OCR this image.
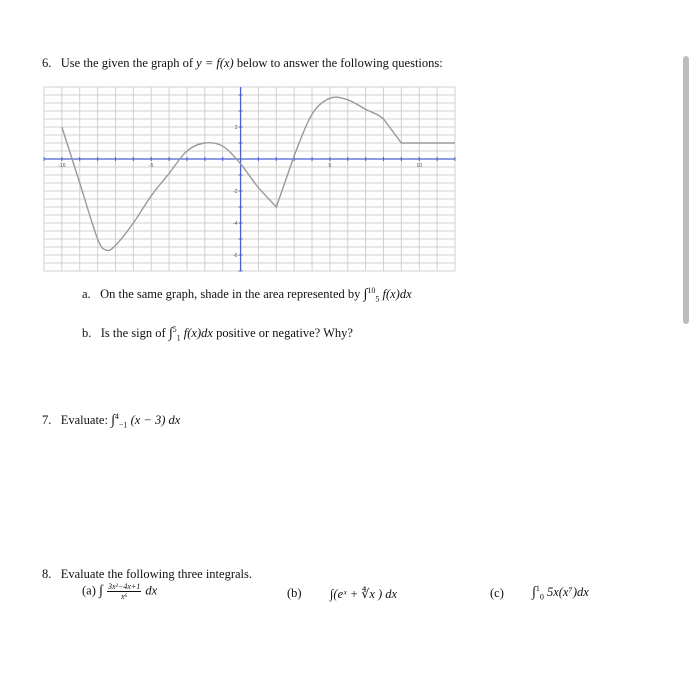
6. Use the given the graph of y = f(x) below to answer the following questions:
-10	-5	5	10
2
-2
-4
-6
a. On the same graph, shade in the area represented by ∫$^{10}_5$ f(x)dx
b. Is the sign of ∫$^5_1$ f(x)dx positive or negative? Why?
7. Evaluate: ∫$^4_{-1}$ (x − 3) dx
8. Evaluate the following three integrals.
(a) ∫ $\frac{\text{3x²−4x+1}}{\text{x⁶}}$ dx	(b) ∫(eˣ + ∜x ) dx	(c) ∫$^1_0$ 5x(x⁷)dx
